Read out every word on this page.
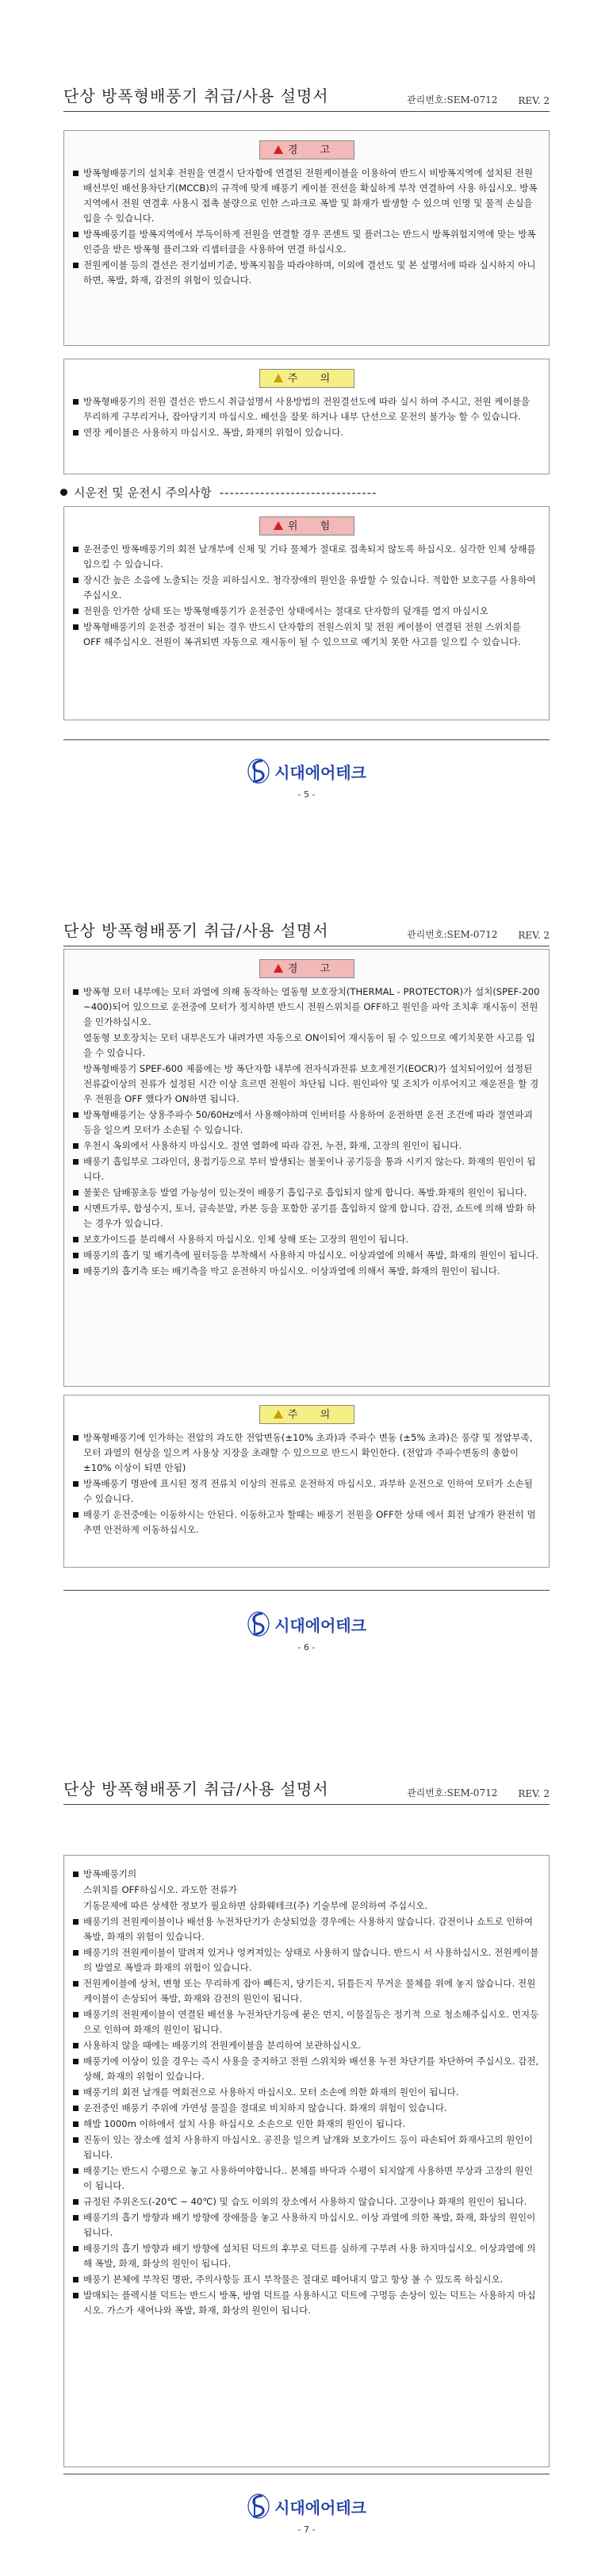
단상 방폭형배풍기 취급/사용 설명서	관리번호:SEM-0712 REV. 2
경 고
방폭형배풍기의 설치후 전원을 연결시 단자함에 연결된 전원케이블을 이용하여 반드시 비방폭지역에 설치된 전원 배선부인 배선용차단기(MCCB)의 규격에 맞게 배풍기 케이블 전선을 확실하게 부착 연결하여 사용 하십시오. 방폭지역에서 전원 연결후 사용시 접촉 불량으로 인한 스파크로 폭발 및 화재가 발생할 수 있으며 인명 및 물적 손실을 입을 수 있습니다.
방폭배풍기를 방폭지역에서 부득이하게 전원을 연결할 경우 콘센트 및 플러그는 반드시 방폭위험지역에 맞는 방폭인증을 받은 방폭형 플러그와 리셉터클을 사용하여 연결 하십시오.
전원케이블 등의 결선은 전기설비기준, 방폭지침을 따라야하며, 이외에 결선도 및 본 설명서에 따라 실시하지 아니하면, 폭발, 화재, 감전의 위험이 있습니다.
주 의
방폭형배풍기의 전원 결선은 반드시 취급설명서 사용방법의 전원결선도에 따라 실시 하여 주시고, 전원 케이블을 무리하게 구부리거나, 잡아당기지 마십시오. 배선을 잘못 하거나 내부 단선으로 문전의 불가능 할 수 있습니다.
연장 케이블은 사용하지 마십시오. 폭발, 화재의 위험이 있습니다.
시운전 및 운전시 주의사항 -------------------------------
위 험
운전중인 방폭배풍기의 회전 날개부에 신체 및 기타 물체가 절대로 접촉되지 않도록 하십시오. 심각한 인체 상해를 입으킬 수 있습니다.
장시간 높은 소음에 노출되는 것을 피하십시오. 청각장애의 원인을 유발할 수 있습니다. 적합한 보호구를 사용하여 주십시오.
전원을 인가한 상태 또는 방폭형배풍기가 운전중인 상태에서는 절대로 단자함의 덮개를 열지 마십시오
방폭형배풍기의 운전중 정전이 되는 경우 반드시 단자함의 전원스위치 및 전원 케이블이 연결된 전원 스위치를 OFF 해주십시오. 전원이 복귀되면 자동으로 재시동이 될 수 있으므로 예기치 못한 사고를 일으킬 수 있습니다.
시대에어테크
- 5 -
단상 방폭형배풍기 취급/사용 설명서	관리번호:SEM-0712 REV. 2
경 고
방폭형 모터 내부에는 모터 과열에 의해 동작하는 열동형 보호장치(THERMAL - PROTECTOR)가 설치(SPEF-200 ~400)되어 있으므로 운전중에 모터가 정지하면 반드시 전원스위치를 OFF하고 원인을 파악 조치후 재시동이 전원을 인가하십시오.
열동형 보호장치는 모터 내부온도가 내려가면 자동으로 ON이되어 재시동이 될 수 있으므로 예기치못한 사고를 입을 수 있습니다.
방폭형배풍기 SPEF-600 제품에는 방 폭단자함 내부에 전자식과전류 보호계전기(EOCR)가 설치되어있어 설정된 전류값이상의 전류가 설정된 시간 이상 흐르면 전원이 차단됩 니다. 원인파악 및 조치가 이루어지고 재운전을 할 경우 전원을 OFF 했다가 ON하면 됩니다.
방폭형배풍기는 상용주파수 50/60Hz에서 사용해야하며 인버터를 사용하여 운전하면 운전 조건에 따라 절연파괴등을 일으켜 모터가 소손될 수 있습니다.
우천시 옥외에서 사용하지 마십시오. 절연 열화에 따라 감전, 누전, 화재, 고장의 원인이 됩니다.
배풍기 흡입부로 그라인더, 용접기등으로 부터 발생되는 불꽃이나 공기등을 통과 시키지 않는다. 화재의 원인이 됩니다.
불꽃은 담배꽁초등 발열 가능성이 있는것이 배풍기 흡입구로 흡입되지 않게 합니다. 폭발.화재의 원인이 됩니다.
시멘트가루, 합성수지, 토너, 금속분말, 카본 등을 포함한 공기를 흡입하지 않게 합니다. 감전, 쇼트에 의해 발화 하는 경우가 있습니다.
보호가이드를 분리해서 사용하지 마십시오. 인체 상해 또는 고장의 원인이 됩니다.
배풍기의 흡기 및 배기측에 필터등을 부착해서 사용하지 마십시오. 이상과열에 의해서 폭발, 화재의 원인이 됩니다.
배풍기의 흡기측 또는 배기측을 막고 운전하지 마십시오. 이상과열에 의해서 폭발, 화재의 원인이 됩니다.
주 의
방폭형배풍기에 인가하는 전압의 과도한 전압변동(±10% 초과)과 주파수 변동 (±5% 초과)은 풍량 및 정압부족, 모터 과열의 현상을 일으켜 사용상 지장을 초래할 수 있으므로 반드시 확인한다. (전압과 주파수변동의 총합이 ±10% 이상이 되면 안됨)
방폭배풍기 명판에 표시된 정격 전류치 이상의 전류로 운전하지 마십시오. 과부하 운전으로 인하여 모터가 소손될 수 있습니다.
배풍기 운전중에는 이동하시는 안된다. 이동하고자 할때는 배풍기 전원을 OFF한 상태 에서 회전 날개가 완전히 멈추면 안전하게 이동하십시오.
시대에어테크
- 6 -
단상 방폭형배풍기 취급/사용 설명서	관리번호:SEM-0712 REV. 2
방폭배풍기의
스위치를 OFF하십시오. 과도한 전류가
기동문제에 따른 상세한 정보가 필요하면 삼화웨테크(주) 기술부에 문의하여 주십시오.
배풍기의 전원케이블이나 배선용 누전차단기가 손상되었을 경우에는 사용하지 않습니다. 감전이나 쇼트로 인하여 폭발, 화재의 위험이 있습니다.
배풍기의 전원케이블이 말려져 있거나 엉켜져있는 상태로 사용하지 않습니다. 반드시 서 사용하십시오. 전원케이블의 발열로 폭발과 화재의 위험이 있습니다.
전원케이블에 상처, 변형 또는 무리하게 잡아 빼든지, 당기든지, 뒤틀든지 무거운 물체를 위에 놓지 않습니다. 전원케이블이 손상되어 폭발, 화재와 감전의 원인이 됩니다.
배풍기의 전원케이블이 연결된 배선용 누전차단기등에 묻은 먼지, 이물질등은 정기적 으로 청소해주십시오. 먼지등으로 인하여 화재의 원인이 됩니다.
사용하지 않을 때에는 배풍기의 전원케이블을 분리하여 보관하십시오.
배풍기에 이상이 있을 경우는 즉시 사용을 중지하고 전원 스위치와 배선용 누전 차단기를 차단하여 주십시오. 감전, 상해, 화재의 위험이 있습니다.
배풍기의 회전 날개를 역회전으로 사용하지 마십시오. 모터 소손에 의한 화재의 원인이 됩니다.
운전중인 배풍기 주위에 가연성 물질을 절대로 비치하지 않습니다. 화재의 위험이 있습니다.
해발 1000m 이하에서 설치 사용 하십시오 소손으로 인한 화재의 원인이 됩니다.
진동이 있는 장소에 설치 사용하지 마십시오. 공진을 일으켜 날개와 보호가이드 등이 파손되어 화재사고의 원인이 됩니다.
배풍기는 반드시 수평으로 놓고 사용하여야합니다.. 본체를 바닥과 수평이 되지않게 사용하면 부상과 고장의 원인이 됩니다.
규정된 주위온도(-20℃ ~ 40℃) 및 습도 이외의 장소에서 사용하지 않습니다. 고장이나 화재의 원인이 됩니다.
배풍기의 흡기 방향과 배기 방향에 장애물을 놓고 사용하지 마십시오. 이상 과열에 의한 폭발, 화재, 화상의 원인이 됩니다.
배풍기의 흡기 방향과 배기 방향에 설치된 덕트의 후부로 덕트를 심하게 구부려 사용 하지마십시오. 이상과열에 의해 폭발, 화재, 화상의 원인이 됩니다.
배풍기 본체에 부착된 명판, 주의사항등 표시 부착물은 절대로 떼어내지 말고 항상 볼 수 있도록 하십시오.
발매되는 플렉시블 덕트는 반드시 방폭, 방염 덕트를 사용하시고 덕트에 구멍등 손상이 있는 덕트는 사용하지 마십시오. 가스가 새어나와 폭발, 화재, 화상의 원인이 됩니다.
시대에어테크
- 7 -
